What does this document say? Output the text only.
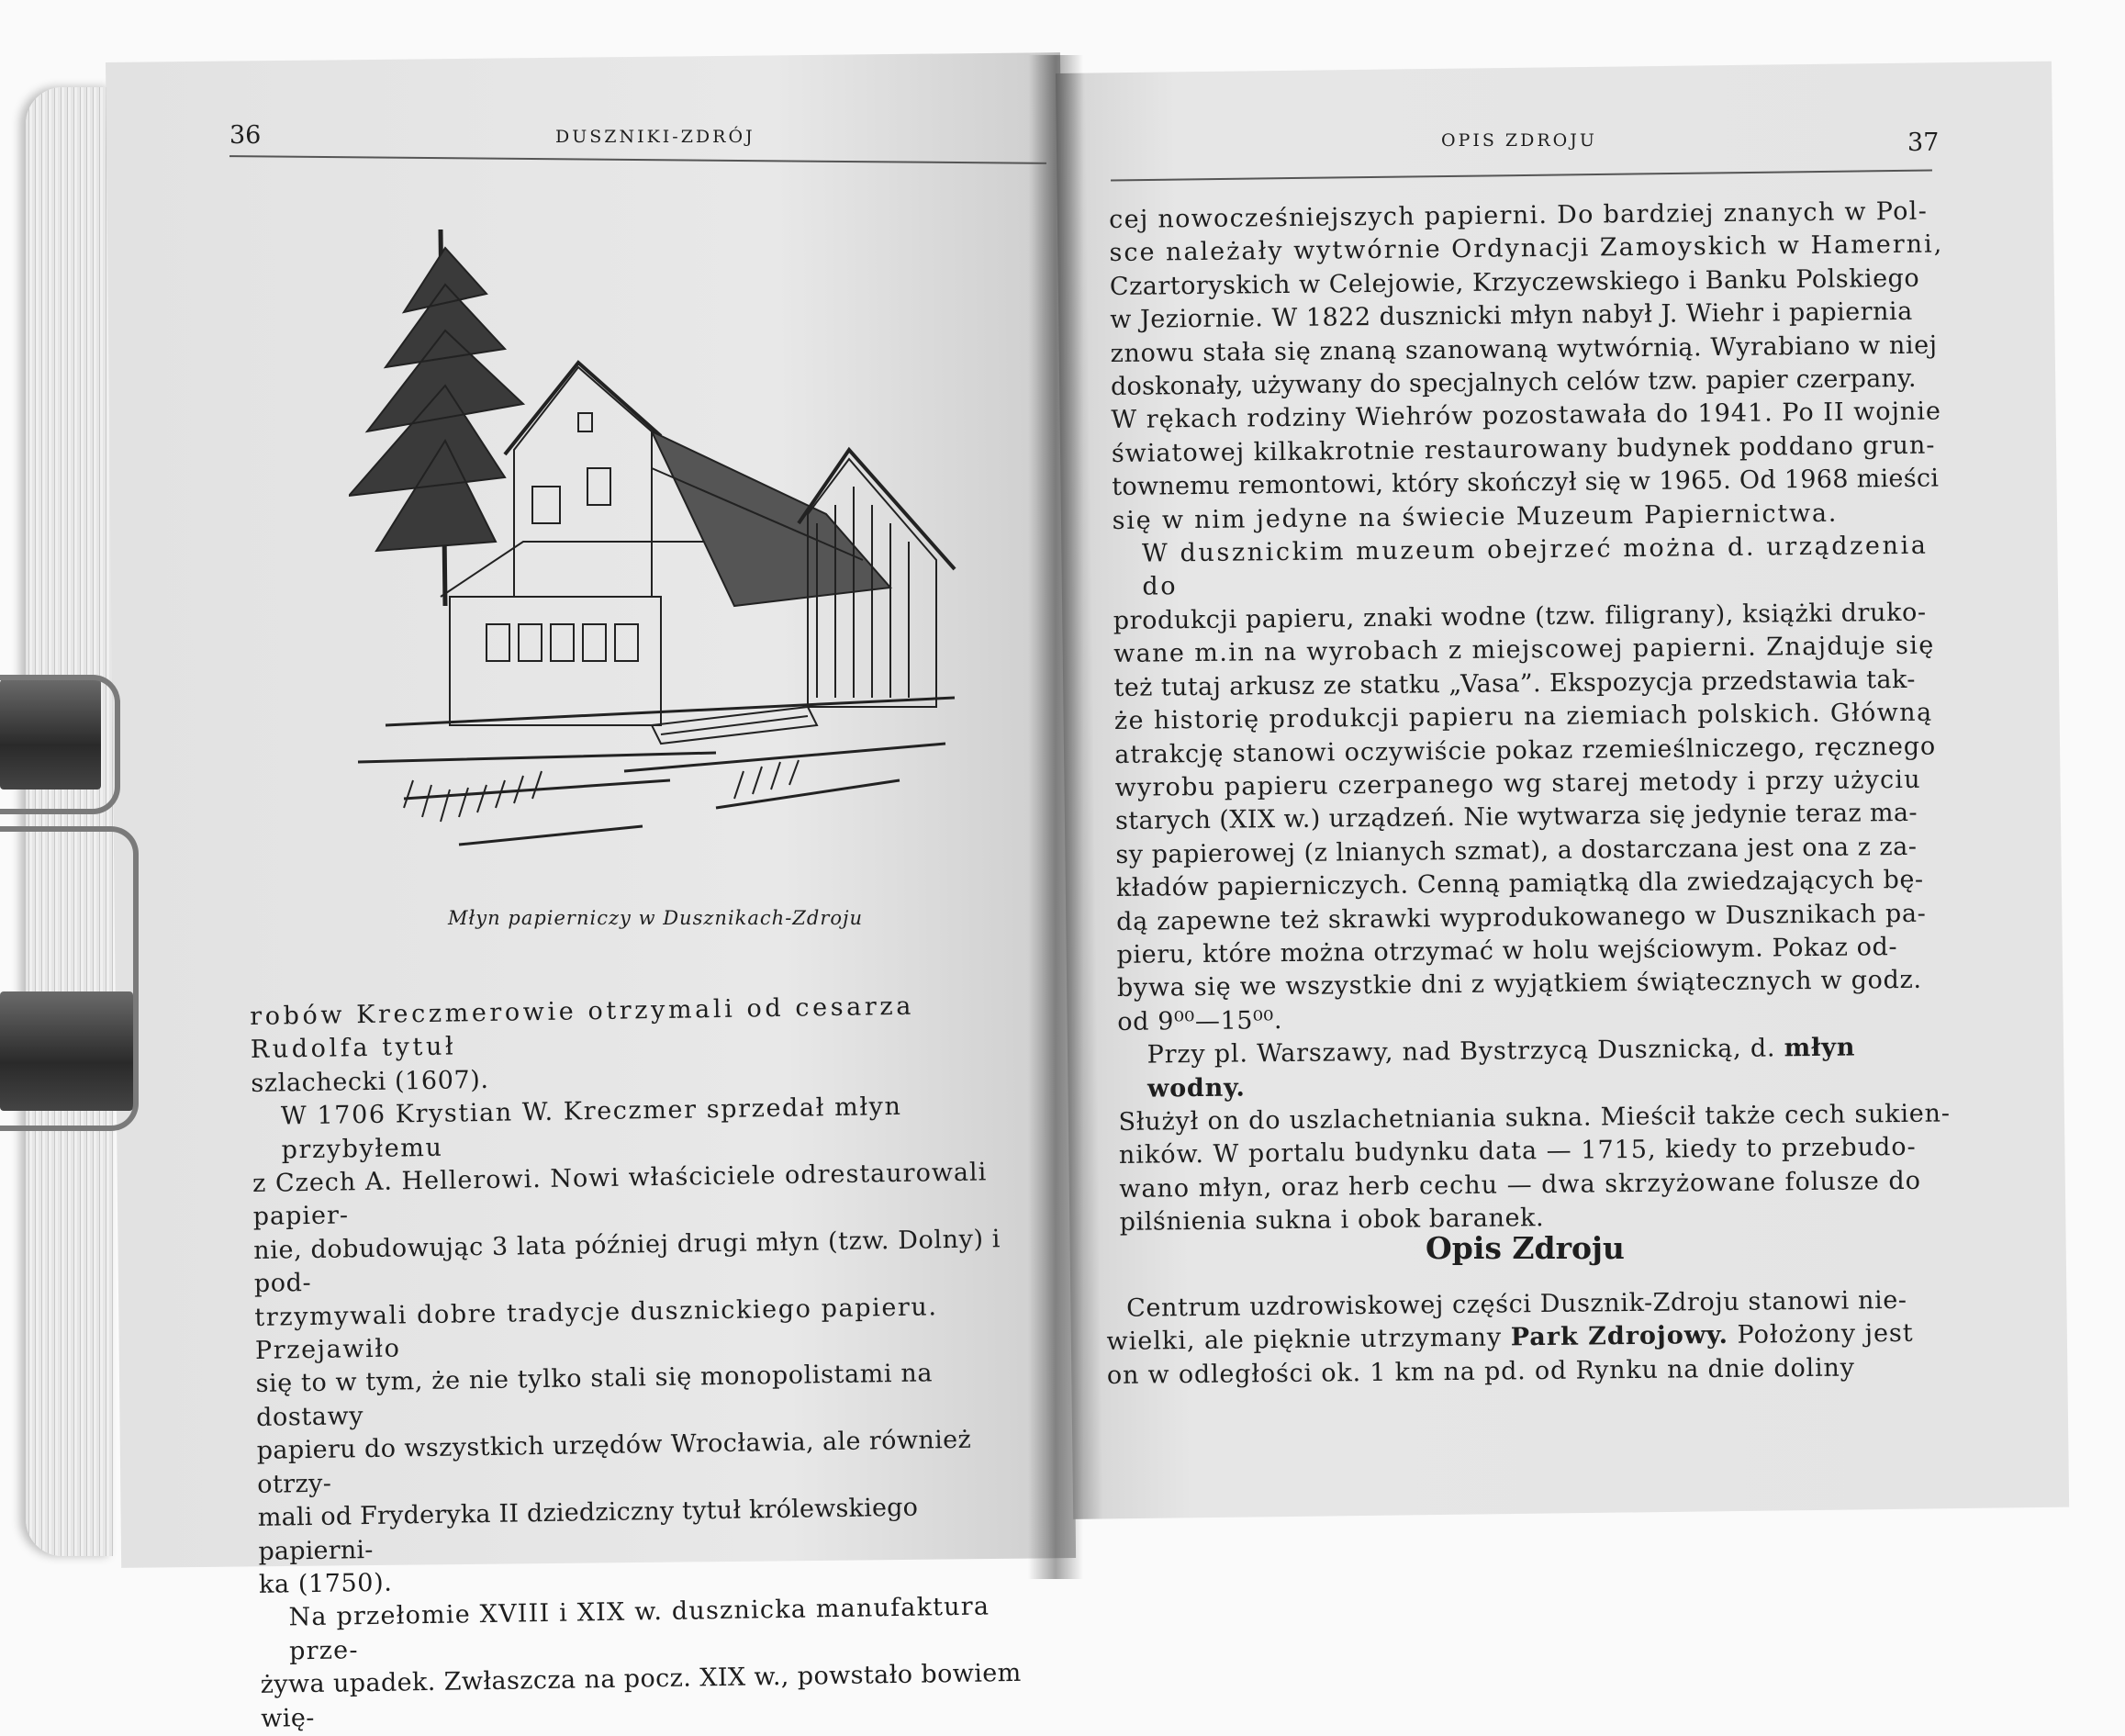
36	DUSZNIKI-ZDRÓJ
Młyn papierniczy w Dusznikach-Zdroju
robów Kreczmerowie otrzymali od cesarza Rudolfa tytuł
szlachecki (1607).
W 1706 Krystian W. Kreczmer sprzedał młyn przybyłemu
z Czech A. Hellerowi. Nowi właściciele odrestaurowali papier-
nie, dobudowując 3 lata później drugi młyn (tzw. Dolny) i pod-
trzymywali dobre tradycje dusznickiego papieru. Przejawiło
się to w tym, że nie tylko stali się monopolistami na dostawy
papieru do wszystkich urzędów Wrocławia, ale również otrzy-
mali od Fryderyka II dziedziczny tytuł królewskiego papierni-
ka (1750).
Na przełomie XVIII i XIX w. dusznicka manufaktura prze-
żywa upadek. Zwłaszcza na pocz. XIX w., powstało bowiem wię-
OPIS ZDROJU	37
cej nowocześniejszych papierni. Do bardziej znanych w Pol-
sce należały wytwórnie Ordynacji Zamoyskich w Hamerni,
Czartoryskich w Celejowie, Krzyczewskiego i Banku Polskiego
w Jeziornie. W 1822 dusznicki młyn nabył J. Wiehr i papiernia
znowu stała się znaną szanowaną wytwórnią. Wyrabiano w niej
doskonały, używany do specjalnych celów tzw. papier czerpany.
W rękach rodziny Wiehrów pozostawała do 1941. Po II wojnie
światowej kilkakrotnie restaurowany budynek poddano grun-
townemu remontowi, który skończył się w 1965. Od 1968 mieści
się w nim jedyne na świecie Muzeum Papiernictwa.
W dusznickim muzeum obejrzeć można d. urządzenia do
produkcji papieru, znaki wodne (tzw. filigrany), książki druko-
wane m.in na wyrobach z miejscowej papierni. Znajduje się
też tutaj arkusz ze statku „Vasa”. Ekspozycja przedstawia tak-
że historię produkcji papieru na ziemiach polskich. Główną
atrakcję stanowi oczywiście pokaz rzemieślniczego, ręcznego
wyrobu papieru czerpanego wg starej metody i przy użyciu
starych (XIX w.) urządzeń. Nie wytwarza się jedynie teraz ma-
sy papierowej (z lnianych szmat), a dostarczana jest ona z za-
kładów papierniczych. Cenną pamiątką dla zwiedzających bę-
dą zapewne też skrawki wyprodukowanego w Dusznikach pa-
pieru, które można otrzymać w holu wejściowym. Pokaz od-
bywa się we wszystkie dni z wyjątkiem świątecznych w godz.
od 9⁰⁰—15⁰⁰.
Przy pl. Warszawy, nad Bystrzycą Dusznicką, d. młyn wodny.
Służył on do uszlachetniania sukna. Mieścił także cech sukien-
ników. W portalu budynku data — 1715, kiedy to przebudo-
wano młyn, oraz herb cechu — dwa skrzyżowane folusze do
pilśnienia sukna i obok baranek.
Opis Zdroju
Centrum uzdrowiskowej części Dusznik-Zdroju stanowi nie-
wielki, ale pięknie utrzymany Park Zdrojowy. Położony jest
on w odległości ok. 1 km na pd. od Rynku na dnie doliny
